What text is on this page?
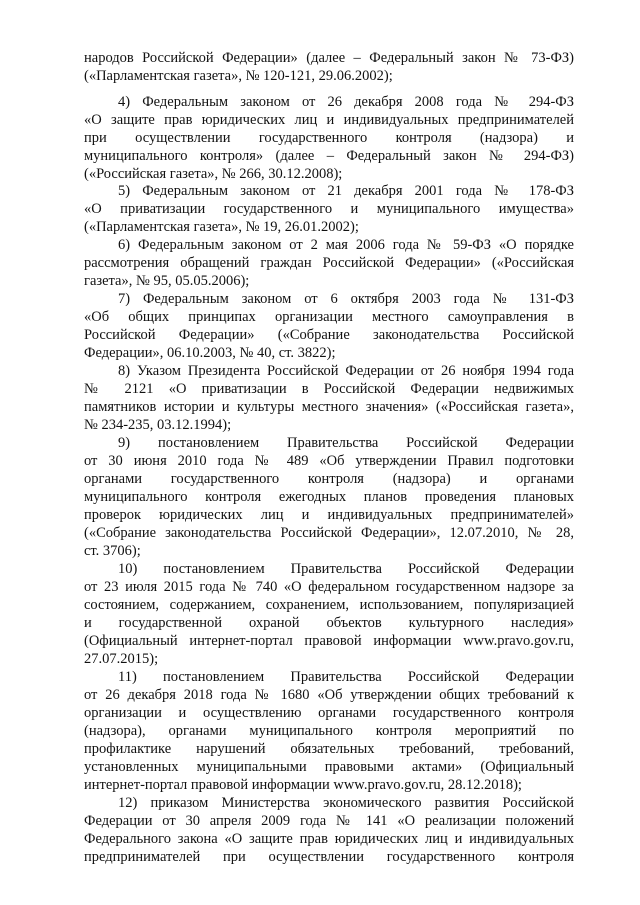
народов Российской Федерации» (далее – Федеральный закон № 73-ФЗ)
(«Парламентская газета», № 120-121, 29.06.2002);
4) Федеральным законом от 26 декабря 2008 года № 294-ФЗ
«О защите прав юридических лиц и индивидуальных предпринимателей
при осуществлении государственного контроля (надзора) и
муниципального контроля» (далее – Федеральный закон № 294-ФЗ)
(«Российская газета», № 266, 30.12.2008);
5) Федеральным законом от 21 декабря 2001 года № 178-ФЗ
«О приватизации государственного и муниципального имущества»
(«Парламентская газета», № 19, 26.01.2002);
6) Федеральным законом от 2 мая 2006 года № 59-ФЗ «О порядке
рассмотрения обращений граждан Российской Федерации» («Российская
газета», № 95, 05.05.2006);
7) Федеральным законом от 6 октября 2003 года № 131-ФЗ
«Об общих принципах организации местного самоуправления в
Российской Федерации» («Собрание законодательства Российской
Федерации», 06.10.2003, № 40, ст. 3822);
8) Указом Президента Российской Федерации от 26 ноября 1994 года
№ 2121 «О приватизации в Российской Федерации недвижимых
памятников истории и культуры местного значения» («Российская газета»,
№ 234-235, 03.12.1994);
9) постановлением Правительства Российской Федерации
от 30 июня 2010 года № 489 «Об утверждении Правил подготовки
органами государственного контроля (надзора) и органами
муниципального контроля ежегодных планов проведения плановых
проверок юридических лиц и индивидуальных предпринимателей»
(«Собрание законодательства Российской Федерации», 12.07.2010, № 28,
ст. 3706);
10) постановлением Правительства Российской Федерации
от 23 июля 2015 года № 740 «О федеральном государственном надзоре за
состоянием, содержанием, сохранением, использованием, популяризацией
и государственной охраной объектов культурного наследия»
(Официальный интернет-портал правовой информации www.pravo.gov.ru,
27.07.2015);
11) постановлением Правительства Российской Федерации
от 26 декабря 2018 года № 1680 «Об утверждении общих требований к
организации и осуществлению органами государственного контроля
(надзора), органами муниципального контроля мероприятий по
профилактике нарушений обязательных требований, требований,
установленных муниципальными правовыми актами» (Официальный
интернет-портал правовой информации www.pravo.gov.ru, 28.12.2018);
12) приказом Министерства экономического развития Российской
Федерации от 30 апреля 2009 года № 141 «О реализации положений
Федерального закона «О защите прав юридических лиц и индивидуальных
предпринимателей при осуществлении государственного контроля
